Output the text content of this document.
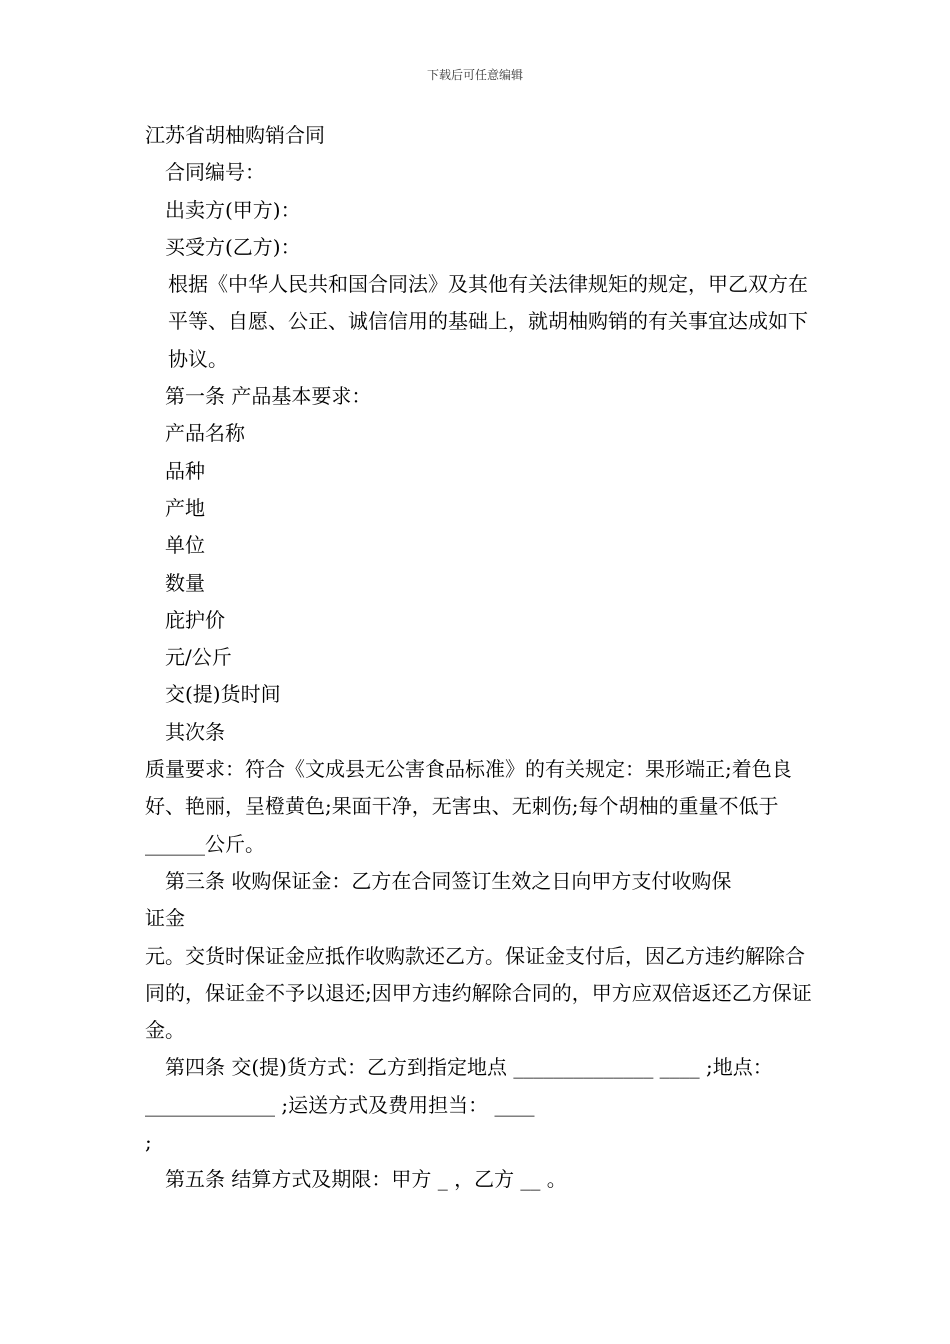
下载后可任意编辑

江苏省胡柚购销合同

合同编号：

出卖方(甲方)：

买受方(乙方)：

根据《中华人民共和国合同法》及其他有关法律规矩的规定，甲乙双方在平等、自愿、公正、诚信信用的基础上，就胡柚购销的有关事宜达成如下协议。

第一条 产品基本要求：

产品名称

品种

产地

单位

数量

庇护价

元/公斤

交(提)货时间

其次条

质量要求：符合《文成县无公害食品标准》的有关规定：果形端正;着色良好、艳丽，呈橙黄色;果面干净，无害虫、无刺伤;每个胡柚的重量不低于______公斤。

第三条 收购保证金：乙方在合同签订生效之日向甲方支付收购保

证金

元。交货时保证金应抵作收购款还乙方。保证金支付后，因乙方违约解除合同的，保证金不予以退还;因甲方违约解除合同的，甲方应双倍返还乙方保证金。

第四条 交(提)货方式：乙方到指定地点 ______________ ____ ;地点：

_____________ ;运送方式及费用担当： ____

;

第五条 结算方式及期限：甲方 _ ，乙方 __ 。
